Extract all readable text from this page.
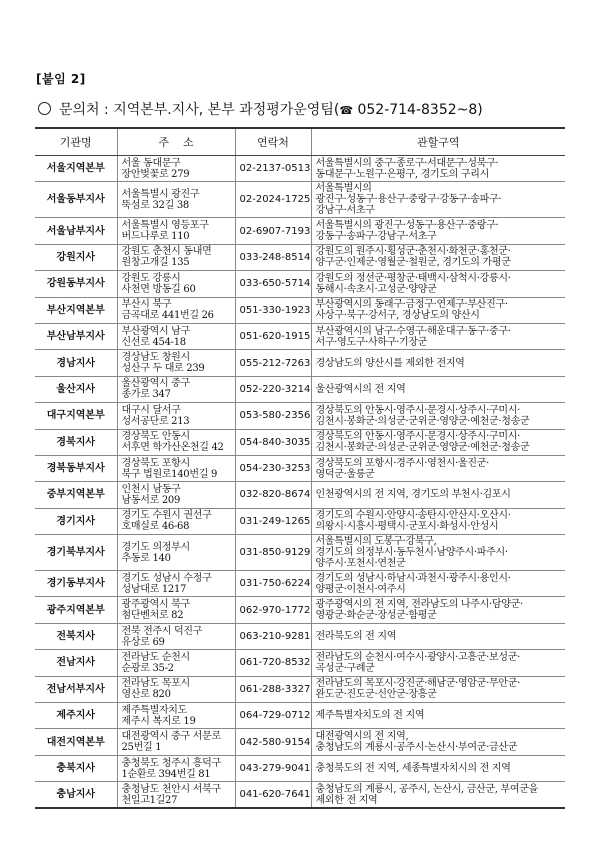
[붙임 2]
문의처 : 지역본부.지사, 본부 과정평가운영팀(☎ 052-714-8352~8)
기관명	주    소	연락처	관할구역
서울지역본부	서울 동대문구
장안벚꽃로 279	02-2137-0513	서울특별시의 중구·종로구·서대문구·성북구·
동대문구·노원구·은평구, 경기도의 구리시

서울동부지사	서울특별시 광진구
뚝섬로 32길 38	02-2024-1725	서울특별시의
광진구·성동구·용산구·중랑구·강동구·송파구·
강남구·서초구

서울남부지사	서울특별시 영등포구
버드나루로 110	02-6907-7193	서울특별시의 광진구·성동구·용산구·중랑구·
강동구·송파구·강남구·서초구

강원지사	강원도 춘천시 동내면
원창고개길 135	033-248-8514	강원도의 원주시·횡성군·춘천시·화천군·홍천군·
양구군·인제군·영월군·철원군, 경기도의 가평군

강원동부지사	강원도 강릉시
사천면 방동길 60	033-650-5714	강원도의 정선군·평창군·태백시·삼척시·강릉시·
동해시·속초시·고성군·양양군

부산지역본부	부산시 북구
금곡대로 441번길 26	051-330-1923	부산광역시의 동래구·금정구·연제구·부산진구·
사상구·북구·강서구, 경상남도의 양산시

부산남부지사	부산광역시 남구
신선로 454-18	051-620-1915	부산광역시의 남구·수영구·해운대구·동구·중구·
서구·영도구·사하구·기장군

경남지사	경상남도 창원시
성산구 두 대로 239	055-212-7263	경상남도의 양산시를 제외한 전지역

울산지사	울산광역시 중구
종가로 347	052-220-3214	울산광역시의 전 지역

대구지역본부	대구시 달서구
성서공단로 213	053-580-2356	경상북도의 안동시·영주시·문경시·상주시·구미시·
김천시·봉화군·의성군·군위군·영양군·예천군·청송군

경북지사	경상북도 안동시
서후면 학가산온천길 42	054-840-3035	경상북도의 안동시·영주시·문경시·상주시·구미시·
김천시·봉화군·의성군·군위군·영양군·예천군·청송군

경북동부지사	경상북도 포항시
북구 법원로140번길 9	054-230-3253	경상북도의 포항시·경주시·영천시·울진군·
영덕군·울릉군

중부지역본부	인천시 남동구
남동서로 209	032-820-8674	인천광역시의 전 지역, 경기도의 부천시·김포시

경기지사	경기도 수원시 권선구
호매실로 46-68	031-249-1265	경기도의 수원시·안양시·송탄시·안산시·오산시·
의왕시·시흥시·평택시·군포시·화성시·안성시

경기북부지사	경기도 의정부시
추동로 140	031-850-9129	서울특별시의 도봉구·강북구,
경기도의 의정부시·동두천시·남양주시·파주시·
양주시·포천시·연천군

경기동부지사	경기도 성남시 수정구
성남대로 1217	031-750-6224	경기도의 성남시·하남시·과천시·광주시·용인시·
양평군·이천시·여주시

광주지역본부	광주광역시 북구
첨단벤처로 82	062-970-1772	광주광역시의 전 지역, 전라남도의 나주시·담양군·
영광군·화순군·장성군·함평군

전북지사	전북 전주시 덕진구
유상로 69	063-210-9281	전라북도의 전 지역

전남지사	전라남도 순천시
순광로 35-2	061-720-8532	전라남도의 순천시·여수시·광양시·고흥군·보성군·
곡성군·구례군

전남서부지사	전라남도 목포시
영산로 820	061-288-3327	전라남도의 목포시·강진군·해남군·영암군·무안군·
완도군·진도군·신안군·장흥군

제주지사	제주특별자치도
제주시 복지로 19	064-729-0712	제주특별자치도의 전 지역

대전지역본부	대전광역시 중구 서문로
25번길 1	042-580-9154	대전광역시의 전 지역,
충청남도의 계룡시·공주시·논산시·부여군·금산군

충북지사	충청북도 청주시 흥덕구
1순환로 394번길 81	043-279-9041	충청북도의 전 지역, 세종특별자치시의 전 지역

충남지사	충청남도 천안시 서북구
천일고1길27	041-620-7641	충청남도의 계룡시, 공주시, 논산시, 금산군, 부여군을
제외한 전 지역
